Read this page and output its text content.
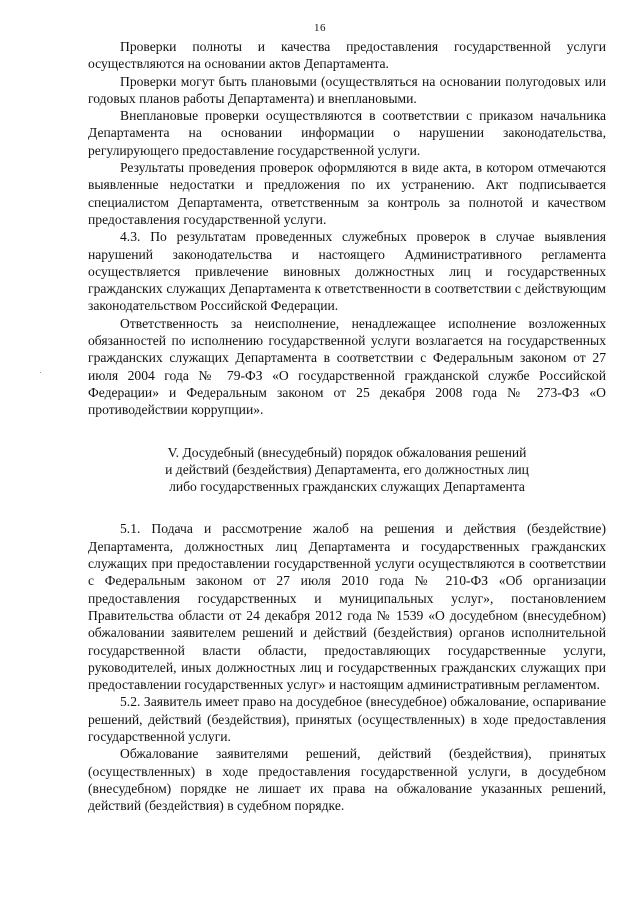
16

Проверки полноты и качества предоставления государственной услуги осуществляются на основании актов Департамента.

Проверки могут быть плановыми (осуществляться на основании полугодовых или годовых планов работы Департамента) и внеплановыми.

Внеплановые проверки осуществляются в соответствии с приказом начальника Департамента на основании информации о нарушении законодательства, регулирующего предоставление государственной услуги.

Результаты проведения проверок оформляются в виде акта, в котором отмечаются выявленные недостатки и предложения по их устранению. Акт подписывается специалистом Департамента, ответственным за контроль за полнотой и качеством предоставления государственной услуги.

4.3. По результатам проведенных служебных проверок в случае выявления нарушений законодательства и настоящего Административного регламента осуществляется привлечение виновных должностных лиц и государственных гражданских служащих Департамента к ответственности в соответствии с действующим законодательством Российской Федерации.

Ответственность за неисполнение, ненадлежащее исполнение возложенных обязанностей по исполнению государственной услуги возлагается на государственных гражданских служащих Департамента в соответствии с Федеральным законом от 27 июля 2004 года № 79-ФЗ «О государственной гражданской службе Российской Федерации» и Федеральным законом от 25 декабря 2008 года № 273-ФЗ «О противодействии коррупции».

V. Досудебный (внесудебный) порядок обжалования решений
и действий (бездействия) Департамента, его должностных лиц
либо государственных гражданских служащих Департамента

5.1. Подача и рассмотрение жалоб на решения и действия (бездействие) Департамента, должностных лиц Департамента и государственных гражданских служащих при предоставлении государственной услуги осуществляются в соответствии с Федеральным законом от 27 июля 2010 года № 210-ФЗ «Об организации предоставления государственных и муниципальных услуг», постановлением Правительства области от 24 декабря 2012 года № 1539 «О досудебном (внесудебном) обжаловании заявителем решений и действий (бездействия) органов исполнительной государственной власти области, предоставляющих государственные услуги, руководителей, иных должностных лиц и государственных гражданских служащих при предоставлении государственных услуг» и настоящим административным регламентом.

5.2. Заявитель имеет право на досудебное (внесудебное) обжалование, оспаривание решений, действий (бездействия), принятых (осуществленных) в ходе предоставления государственной услуги.

Обжалование заявителями решений, действий (бездействия), принятых (осуществленных) в ходе предоставления государственной услуги, в досудебном (внесудебном) порядке не лишает их права на обжалование указанных решений, действий (бездействия) в судебном порядке.
